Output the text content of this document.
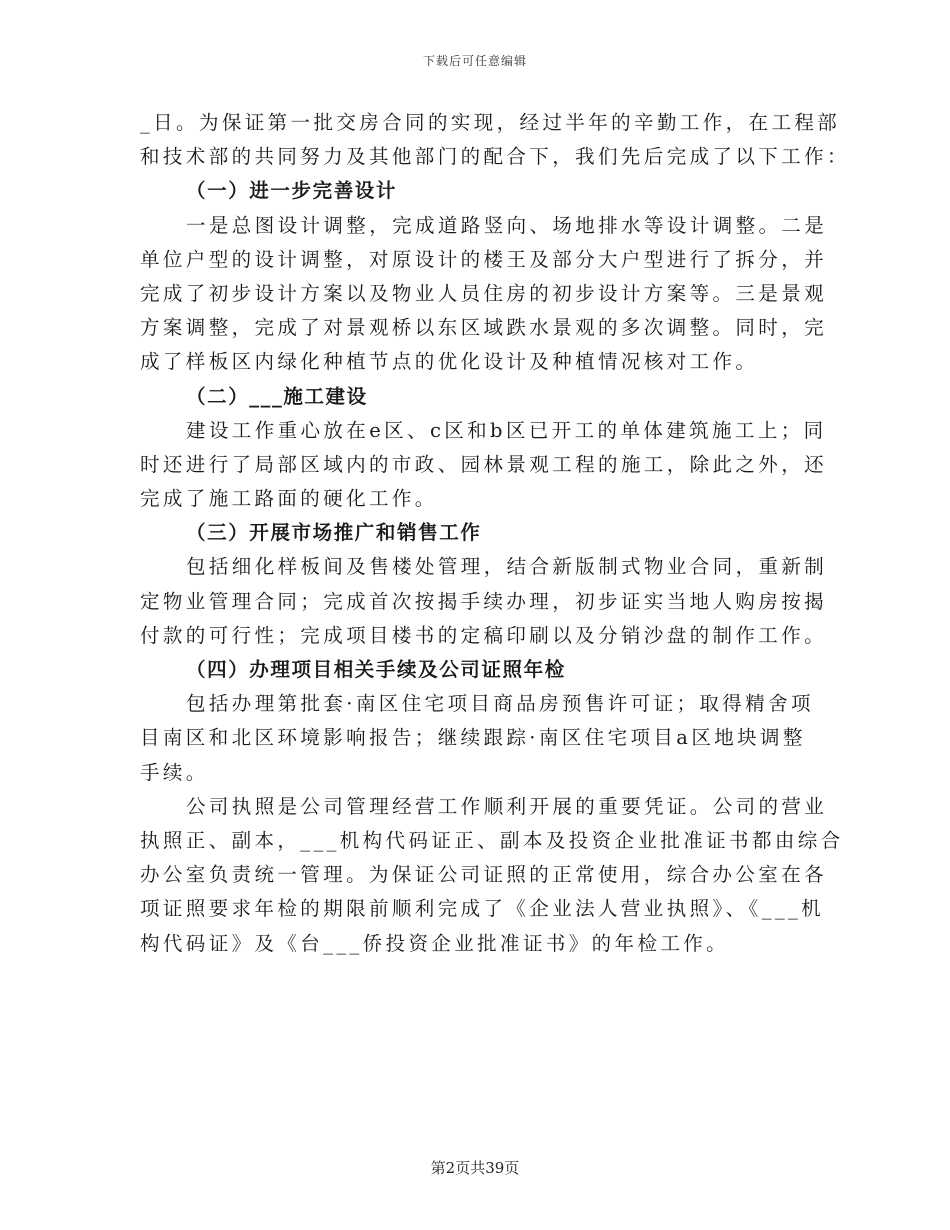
下载后可任意编辑
_日。为保证第一批交房合同的实现，经过半年的辛勤工作，在工程部
和技术部的共同努力及其他部门的配合下，我们先后完成了以下工作：
（一）进一步完善设计
一是总图设计调整，完成道路竖向、场地排水等设计调整。二是
单位户型的设计调整，对原设计的楼王及部分大户型进行了拆分，并
完成了初步设计方案以及物业人员住房的初步设计方案等。三是景观
方案调整，完成了对景观桥以东区域跌水景观的多次调整。同时，完
成了样板区内绿化种植节点的优化设计及种植情况核对工作。
（二）___施工建设
建设工作重心放在e区、c区和b区已开工的单体建筑施工上；同
时还进行了局部区域内的市政、园林景观工程的施工，除此之外，还
完成了施工路面的硬化工作。
（三）开展市场推广和销售工作
包括细化样板间及售楼处管理，结合新版制式物业合同，重新制
定物业管理合同；完成首次按揭手续办理，初步证实当地人购房按揭
付款的可行性；完成项目楼书的定稿印刷以及分销沙盘的制作工作。
（四）办理项目相关手续及公司证照年检
包括办理第批套·南区住宅项目商品房预售许可证；取得精舍项
目南区和北区环境影响报告；继续跟踪·南区住宅项目a区地块调整
手续。
公司执照是公司管理经营工作顺利开展的重要凭证。公司的营业
执照正、副本，___机构代码证正、副本及投资企业批准证书都由综合
办公室负责统一管理。为保证公司证照的正常使用，综合办公室在各
项证照要求年检的期限前顺利完成了《企业法人营业执照》、《___机
构代码证》及《台___侨投资企业批准证书》的年检工作。
第2页共39页
